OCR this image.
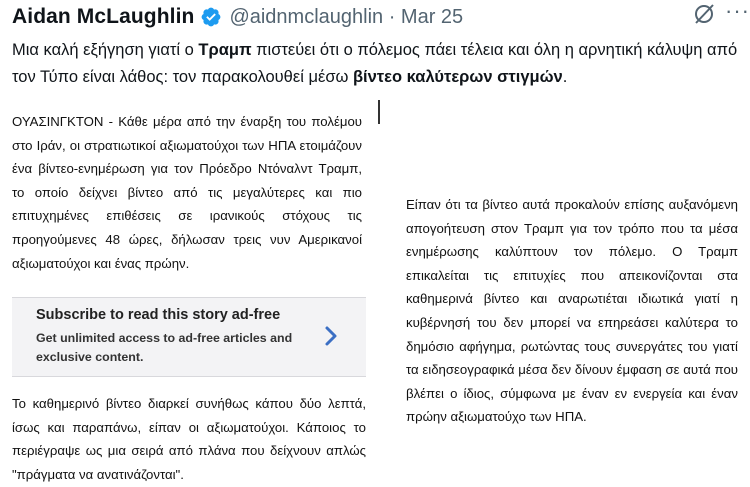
Aidan McLaughlin @aidnmclaughlin · Mar 25	···
Μια καλή εξήγηση γιατί ο Τραμπ πιστεύει ότι ο πόλεμος πάει τέλεια και όλη η αρνητική κάλυψη από τον Τύπο είναι λάθος: τον παρακολουθεί μέσω βίντεο καλύτερων στιγμών.

ΟΥΑΣΙΝΓΚΤΟΝ - Κάθε μέρα από την έναρξη του πολέμου στο Ιράν, οι στρατιωτικοί αξιωματούχοι των ΗΠΑ ετοιμάζουν ένα βίντεο-ενημέρωση για τον Πρόεδρο Ντόναλντ Τραμπ, το οποίο δείχνει βίντεο από τις μεγαλύτερες και πιο επιτυχημένες επιθέσεις σε ιρανικούς στόχους τις προηγούμενες 48 ώρες, δήλωσαν τρεις νυν Αμερικανοί αξιωματούχοι και ένας πρώην.

Subscribe to read this story ad-free
Get unlimited access to ad-free articles and exclusive content.

Το καθημερινό βίντεο διαρκεί συνήθως κάπου δύο λεπτά, ίσως και παραπάνω, είπαν οι αξιωματούχοι. Κάποιος το περιέγραψε ως μια σειρά από πλάνα που δείχνουν απλώς "πράγματα να ανατινάζονται".

Είπαν ότι τα βίντεο αυτά προκαλούν επίσης αυξανόμενη απογοήτευση στον Τραμπ για τον τρόπο που τα μέσα ενημέρωσης καλύπτουν τον πόλεμο. Ο Τραμπ επικαλείται τις επιτυχίες που απεικονίζονται στα καθημερινά βίντεο και αναρωτιέται ιδιωτικά γιατί η κυβέρνησή του δεν μπορεί να επηρεάσει καλύτερα το δημόσιο αφήγημα, ρωτώντας τους συνεργάτες του γιατί τα ειδησεογραφικά μέσα δεν δίνουν έμφαση σε αυτά που βλέπει ο ίδιος, σύμφωνα με έναν εν ενεργεία και έναν πρώην αξιωματούχο των ΗΠΑ.
